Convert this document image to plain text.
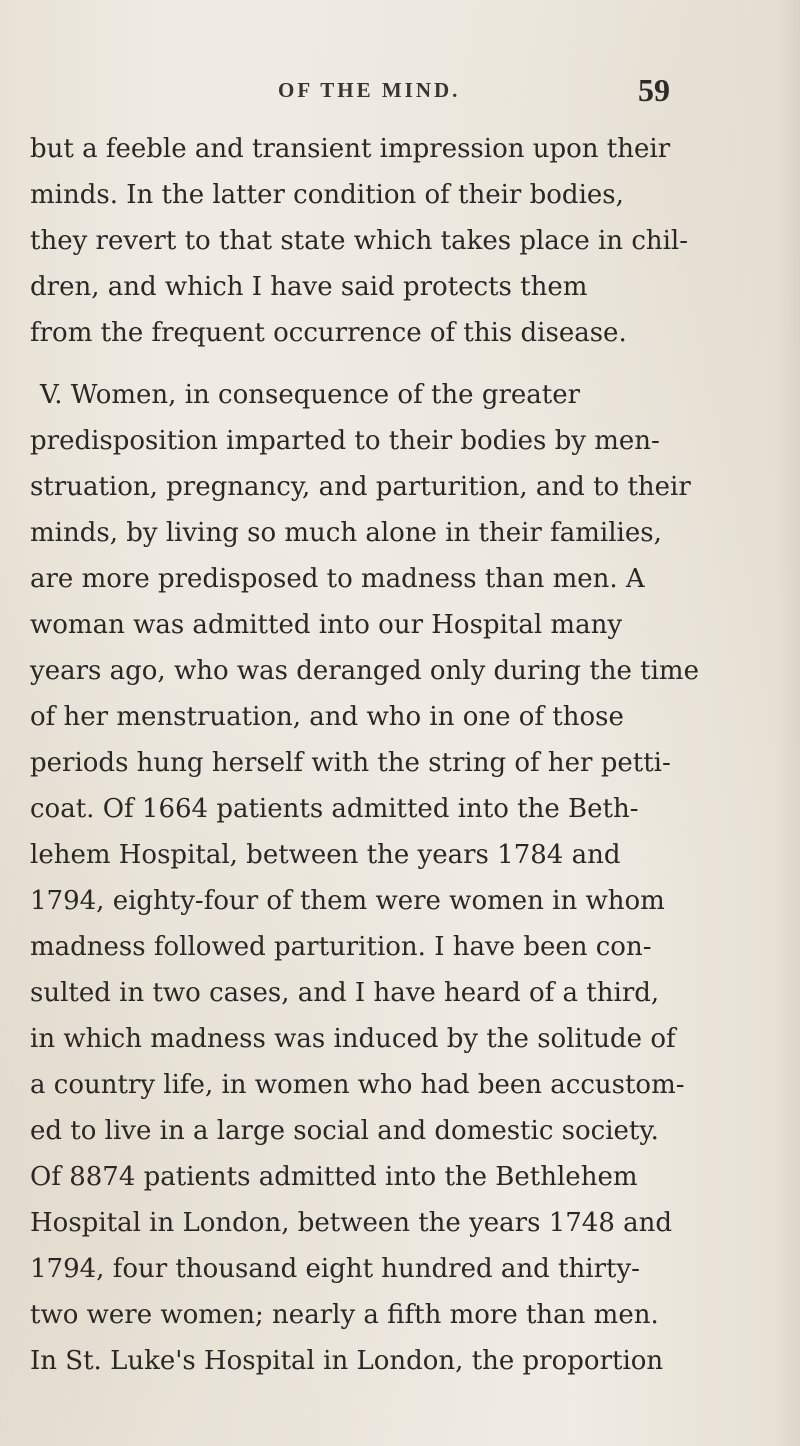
OF THE MIND.	59
but a feeble and transient impression upon their
minds. In the latter condition of their bodies,
they revert to that state which takes place in chil-
dren, and which I have said protects them
from the frequent occurrence of this disease.
V. Women, in consequence of the greater
predisposition imparted to their bodies by men-
struation, pregnancy, and parturition, and to their
minds, by living so much alone in their families,
are more predisposed to madness than men. A
woman was admitted into our Hospital many
years ago, who was deranged only during the time
of her menstruation, and who in one of those
periods hung herself with the string of her petti-
coat. Of 1664 patients admitted into the Beth-
lehem Hospital, between the years 1784 and
1794, eighty-four of them were women in whom
madness followed parturition. I have been con-
sulted in two cases, and I have heard of a third,
in which madness was induced by the solitude of
a country life, in women who had been accustom-
ed to live in a large social and domestic society.
Of 8874 patients admitted into the Bethlehem
Hospital in London, between the years 1748 and
1794, four thousand eight hundred and thirty-
two were women; nearly a fifth more than men.
In St. Luke's Hospital in London, the proportion
